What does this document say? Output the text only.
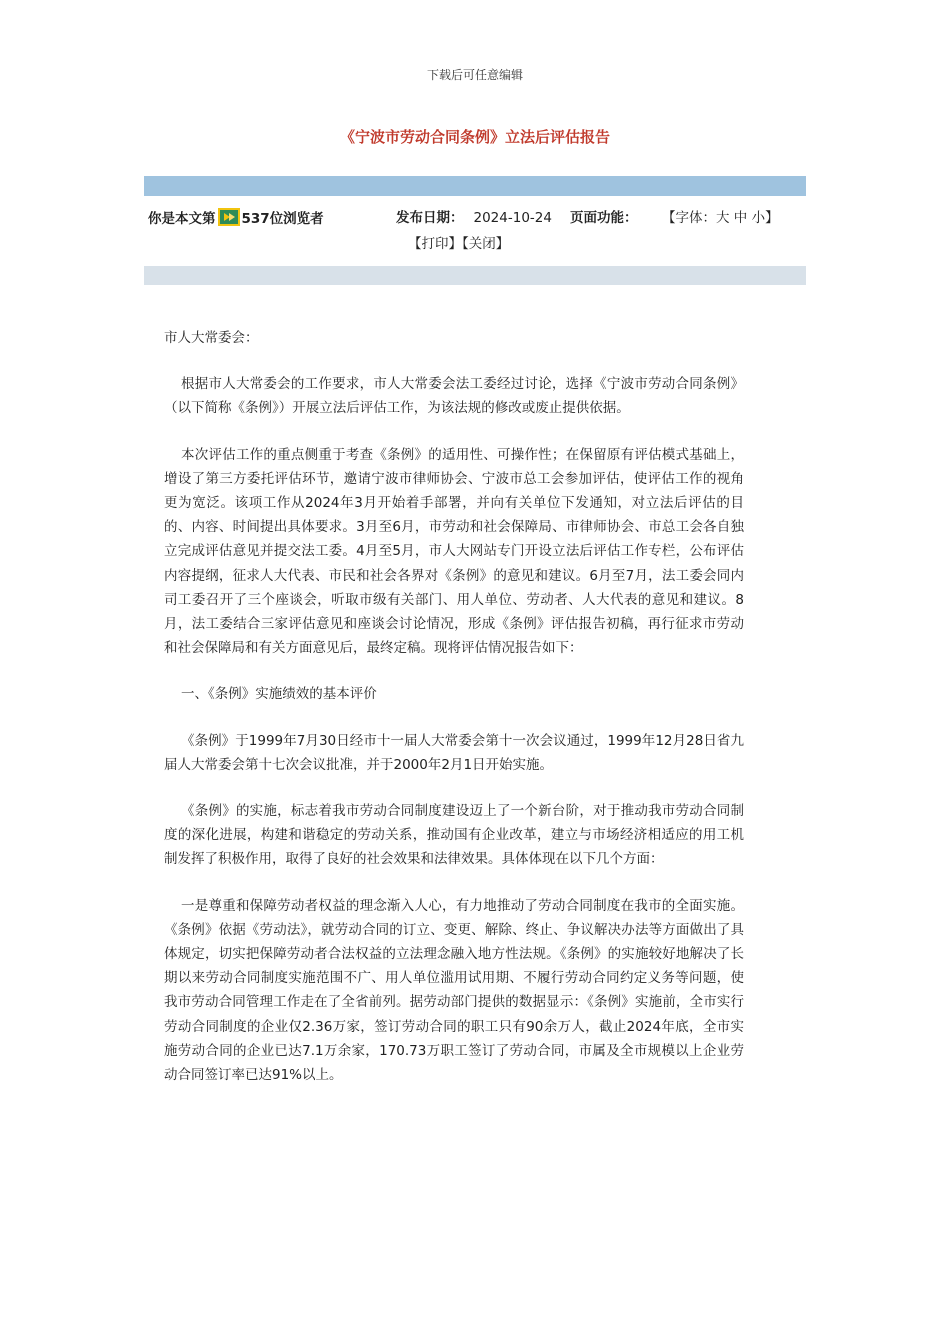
下载后可任意编辑
《宁波市劳动合同条例》立法后评估报告
你是本文第 537位浏览者	发布日期： 2024-10-24 页面功能： 【字体：大 中 小】
【打印】【关闭】

市人大常委会：

根据市人大常委会的工作要求，市人大常委会法工委经过讨论，选择《宁波市劳动合同条例》（以下简称《条例》）开展立法后评估工作，为该法规的修改或废止提供依据。

本次评估工作的重点侧重于考查《条例》的适用性、可操作性；在保留原有评估模式基础上，增设了第三方委托评估环节，邀请宁波市律师协会、宁波市总工会参加评估，使评估工作的视角更为宽泛。该项工作从2024年3月开始着手部署，并向有关单位下发通知，对立法后评估的目的、内容、时间提出具体要求。3月至6月，市劳动和社会保障局、市律师协会、市总工会各自独立完成评估意见并提交法工委。4月至5月，市人大网站专门开设立法后评估工作专栏，公布评估内容提纲，征求人大代表、市民和社会各界对《条例》的意见和建议。6月至7月，法工委会同内司工委召开了三个座谈会，听取市级有关部门、用人单位、劳动者、人大代表的意见和建议。8月，法工委结合三家评估意见和座谈会讨论情况，形成《条例》评估报告初稿，再行征求市劳动和社会保障局和有关方面意见后，最终定稿。现将评估情况报告如下：

一、《条例》实施绩效的基本评价

《条例》于1999年7月30日经市十一届人大常委会第十一次会议通过，1999年12月28日省九届人大常委会第十七次会议批准，并于2000年2月1日开始实施。

《条例》的实施，标志着我市劳动合同制度建设迈上了一个新台阶，对于推动我市劳动合同制度的深化进展，构建和谐稳定的劳动关系，推动国有企业改革，建立与市场经济相适应的用工机制发挥了积极作用，取得了良好的社会效果和法律效果。具体体现在以下几个方面：

一是尊重和保障劳动者权益的理念渐入人心，有力地推动了劳动合同制度在我市的全面实施。《条例》依据《劳动法》，就劳动合同的订立、变更、解除、终止、争议解决办法等方面做出了具体规定，切实把保障劳动者合法权益的立法理念融入地方性法规。《条例》的实施较好地解决了长期以来劳动合同制度实施范围不广、用人单位滥用试用期、不履行劳动合同约定义务等问题，使我市劳动合同管理工作走在了全省前列。据劳动部门提供的数据显示：《条例》实施前，全市实行劳动合同制度的企业仅2.36万家，签订劳动合同的职工只有90余万人，截止2024年底，全市实施劳动合同的企业已达7.1万余家，170.73万职工签订了劳动合同，市属及全市规模以上企业劳动合同签订率已达91%以上。
